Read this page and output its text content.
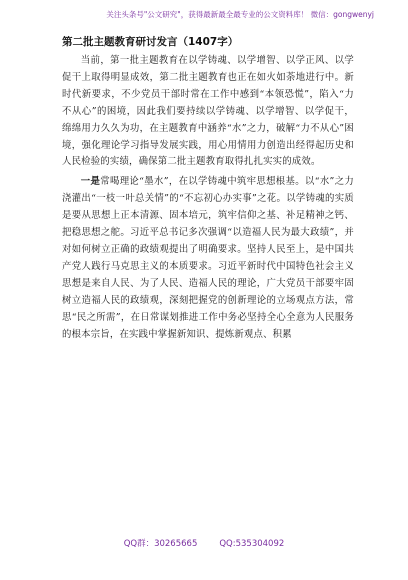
关注头条号"公文研究"，获得最新最全最专业的公文资料库！ 微信：gongwenyj
第二批主题教育研讨发言（1407字）

当前，第一批主题教育在以学铸魂、以学增智、以学正风、以学促干上取得明显成效，第二批主题教育也正在如火如荼地进行中。新时代新要求，不少党员干部时常在工作中感到“本领恐慌”，陷入“力不从心”的困境，因此我们要持续以学铸魂、以学增智、以学促干，绵绵用力久久为功，在主题教育中涵养“水”之力，破解“力不从心”困境，强化理论学习指导发展实践，用心用情用力创造出经得起历史和人民检验的实绩，确保第二批主题教育取得扎扎实实的成效。

一是常喝理论“墨水”，在以学铸魂中筑牢思想根基。以“水”之力浇灌出“一枝一叶总关情”的“不忘初心办实事”之花。以学铸魂的实质是要从思想上正本清源、固本培元，筑牢信仰之基、补足精神之钙、把稳思想之舵。习近平总书记多次强调“以造福人民为最大政绩”，并对如何树立正确的政绩观提出了明确要求。坚持人民至上，是中国共产党人践行马克思主义的本质要求。习近平新时代中国特色社会主义思想是来自人民、为了人民、造福人民的理论，广大党员干部要牢固树立造福人民的政绩观，深刻把握党的创新理论的立场观点方法，常思“民之所需”，在日常谋划推进工作中务必坚持全心全意为人民服务的根本宗旨，在实践中掌握新知识、提炼新观点、积累

QQ群：30265665	QQ:535304092
